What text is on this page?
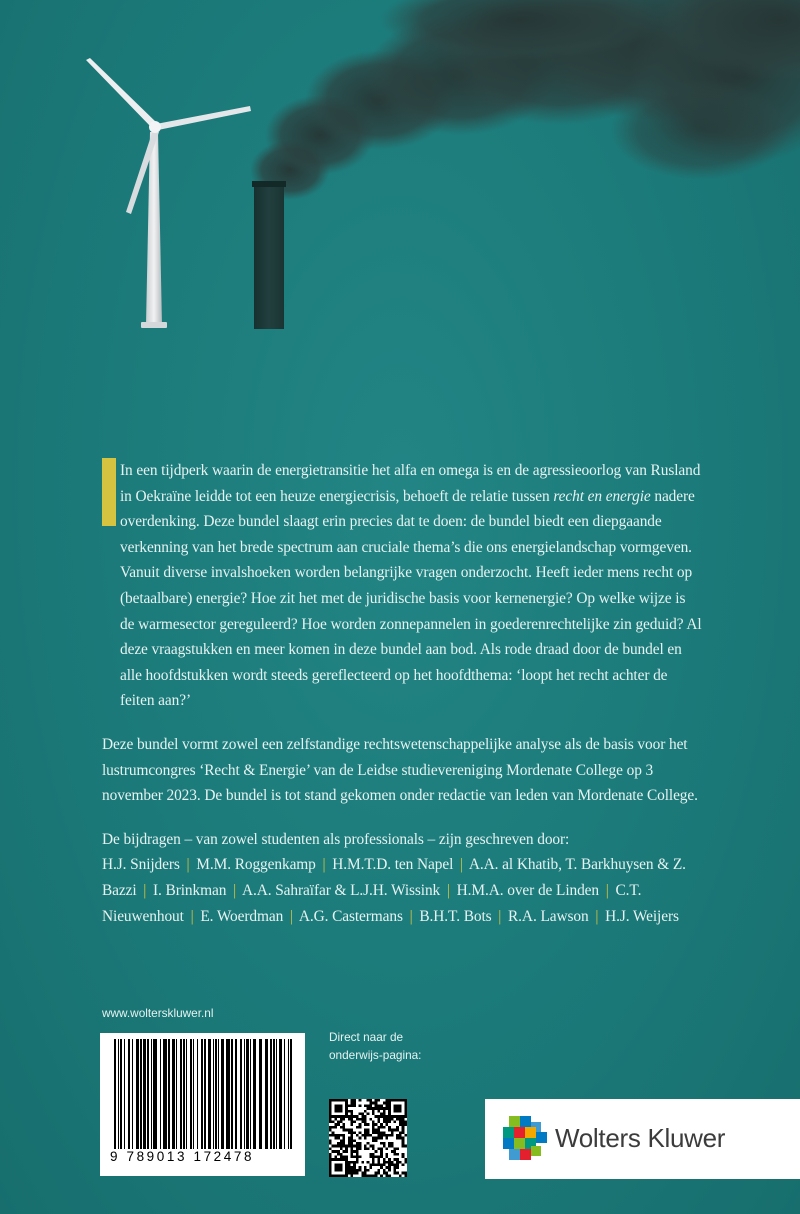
In een tijdperk waarin de energietransitie het alfa en omega is en de agressieoorlog van Rusland in Oekraïne leidde tot een heuze energiecrisis, behoeft de relatie tussen recht en energie nadere overdenking. Deze bundel slaagt erin precies dat te doen: de bundel biedt een diepgaande verkenning van het brede spectrum aan cruciale thema’s die ons energielandschap vormgeven. Vanuit diverse invalshoeken worden belangrijke vragen onderzocht. Heeft ieder mens recht op (betaalbare) energie? Hoe zit het met de juridische basis voor kernenergie? Op welke wijze is de warmesector gereguleerd? Hoe worden zonnepannelen in goederenrechtelijke zin geduid? Al deze vraagstukken en meer komen in deze bundel aan bod. Als rode draad door de bundel en alle hoofdstukken wordt steeds gereflecteerd op het hoofdthema: ‘loopt het recht achter de feiten aan?’

Deze bundel vormt zowel een zelfstandige rechtswetenschappelijke analyse als de basis voor het lustrumcongres ‘Recht & Energie’ van de Leidse studievereniging Mordenate College op 3 november 2023. De bundel is tot stand gekomen onder redactie van leden van Mordenate College.

De bijdragen – van zowel studenten als professionals – zijn geschreven door:

H.J. Snijders | M.M. Roggenkamp | H.M.T.D. ten Napel | A.A. al Khatib, T. Barkhuysen & Z. Bazzi | I. Brinkman | A.A. Sahraïfar & L.J.H. Wissink | H.M.A. over de Linden | C.T. Nieuwenhout | E. Woerdman | A.G. Castermans | B.H.T. Bots | R.A. Lawson | H.J. Weijers

www.wolterskluwer.nl
9 789013 172478
Direct naar de onderwijs-pagina:
Wolters Kluwer
